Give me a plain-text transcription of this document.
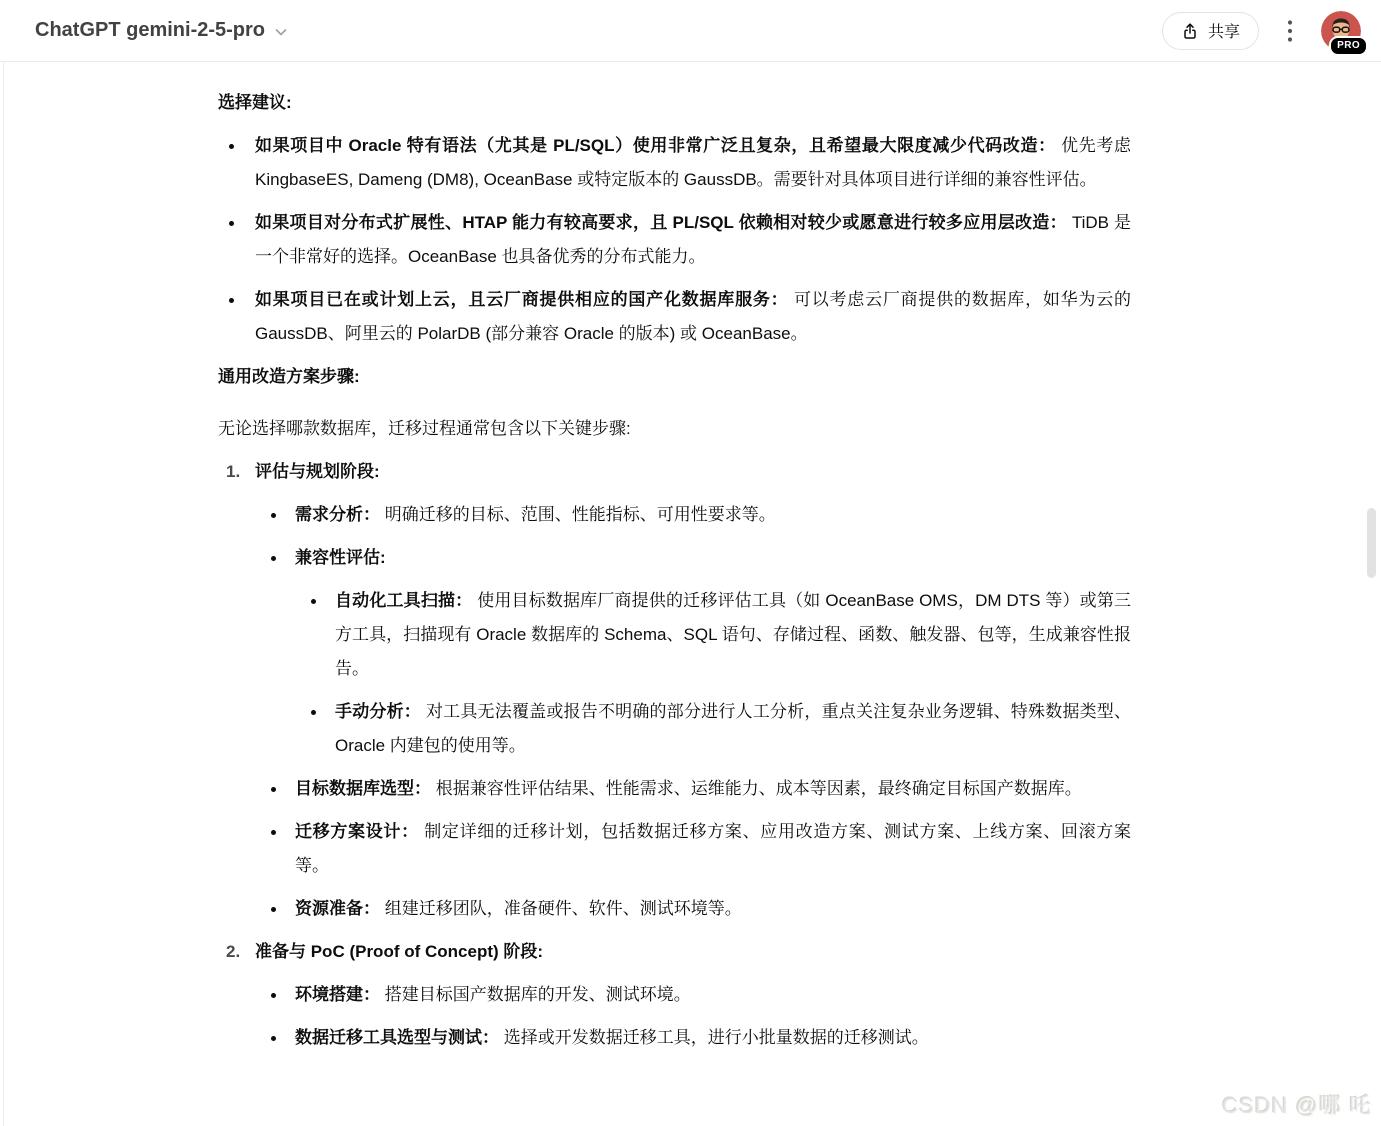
ChatGPT gemini-2-5-pro	共享
PRO
选择建议:
如果项目中 Oracle 特有语法（尤其是 PL/SQL）使用非常广泛且复杂，且希望最大限度减少代码改造： 优先考虑 KingbaseES, Dameng (DM8), OceanBase 或特定版本的 GaussDB。需要针对具体项目进行详细的兼容性评估。
如果项目对分布式扩展性、HTAP 能力有较高要求，且 PL/SQL 依赖相对较少或愿意进行较多应用层改造： TiDB 是一个非常好的选择。OceanBase 也具备优秀的分布式能力。
如果项目已在或计划上云，且云厂商提供相应的国产化数据库服务： 可以考虑云厂商提供的数据库，如华为云的 GaussDB、阿里云的 PolarDB (部分兼容 Oracle 的版本) 或 OceanBase。
通用改造方案步骤:
无论选择哪款数据库，迁移过程通常包含以下关键步骤:
1. 评估与规划阶段:
需求分析： 明确迁移的目标、范围、性能指标、可用性要求等。
兼容性评估:
自动化工具扫描： 使用目标数据库厂商提供的迁移评估工具（如 OceanBase OMS，DM DTS 等）或第三方工具，扫描现有 Oracle 数据库的 Schema、SQL 语句、存储过程、函数、触发器、包等，生成兼容性报告。
手动分析： 对工具无法覆盖或报告不明确的部分进行人工分析，重点关注复杂业务逻辑、特殊数据类型、Oracle 内建包的使用等。
目标数据库选型： 根据兼容性评估结果、性能需求、运维能力、成本等因素，最终确定目标国产数据库。
迁移方案设计： 制定详细的迁移计划，包括数据迁移方案、应用改造方案、测试方案、上线方案、回滚方案等。
资源准备： 组建迁移团队，准备硬件、软件、测试环境等。
2. 准备与 PoC (Proof of Concept) 阶段:
环境搭建： 搭建目标国产数据库的开发、测试环境。
数据迁移工具选型与测试： 选择或开发数据迁移工具，进行小批量数据的迁移测试。
CSDN @哪 吒
